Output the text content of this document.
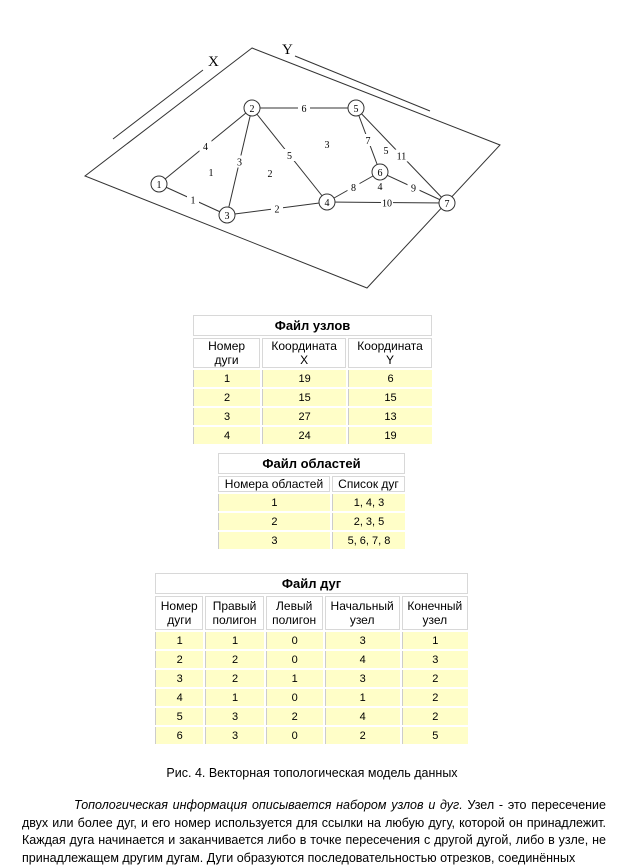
X
Y
1
2
3
4
5
6
7
8	9
10
11
1
2
3
4
5
6
7
1	2
3
4
5
Файл узлов		
Номер дуги	Координата X	Координата Y
1	19	6
2	15	15
3	27	13
4	24	19
Файл областей	
Номера областей	Список дуг
1	1, 4, 3
2	2, 3, 5
3	5, 6, 7, 8
Файл дуг				
Номер дуги	Правый полигон	Левый полигон	Начальный узел	Конечный узел
1	1	0	3	1
2	2	0	4	3
3	2	1	3	2
4	1	0	1	2
5	3	2	4	2
6	3	0	2	5
Рис. 4. Векторная топологическая модель данных
Топологическая информация описывается набором узлов и дуг. Узел - это пересечение двух или более дуг, и его номер используется для ссылки на любую дугу, которой он принадлежит. Каждая дуга начинается и заканчивается либо в точке пересечения с другой дугой, либо в узле, не принадлежащем другим дугам. Дуги образуются последовательностью отрезков, соединённых
